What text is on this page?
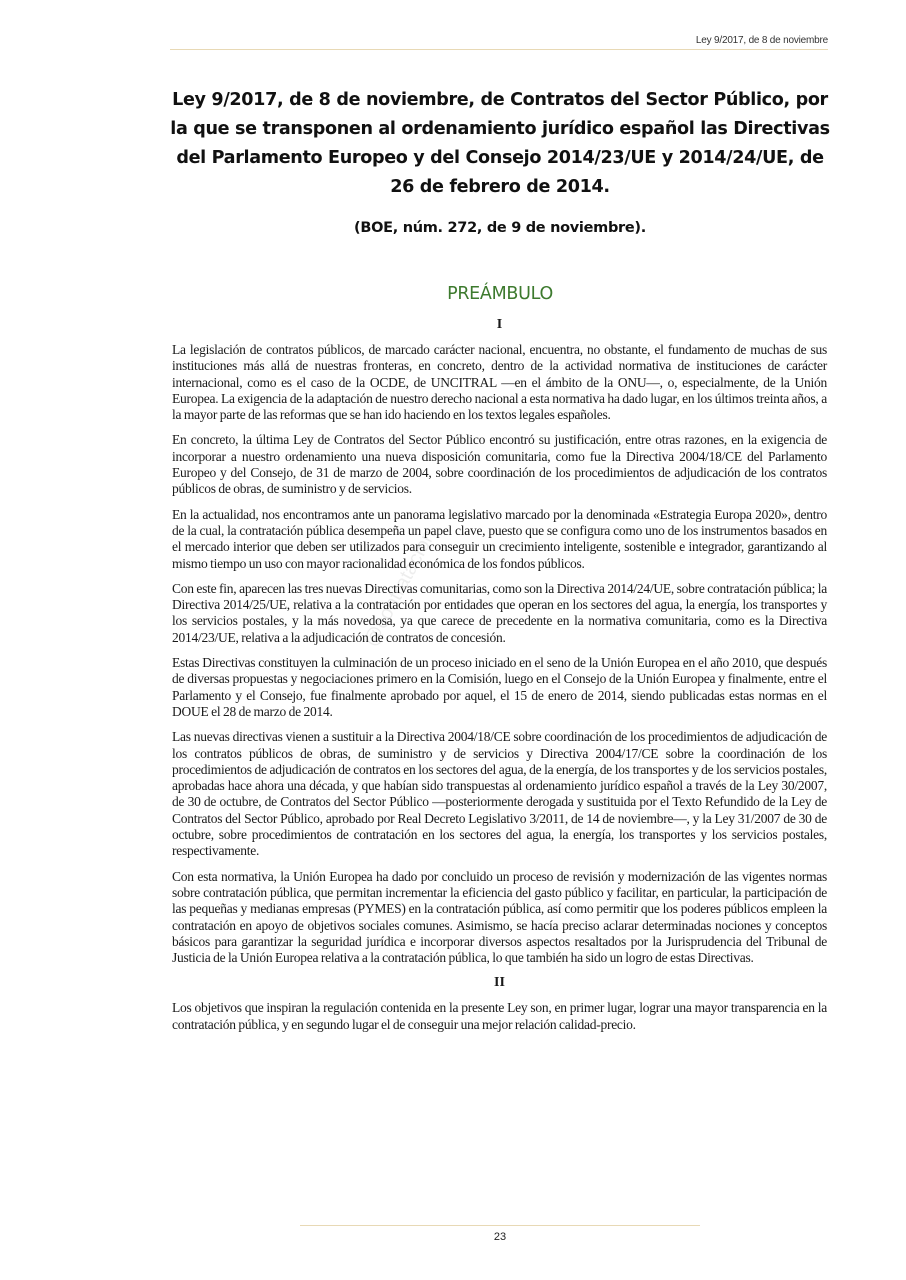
Ley 9/2017, de 8 de noviembre
Ley 9/2017, de 8 de noviembre, de Contratos del Sector Público, por la que se transponen al ordenamiento jurídico español las Directivas del Parlamento Europeo y del Consejo 2014/23/UE y 2014/24/UE, de 26 de febrero de 2014.
(BOE, núm. 272, de 9 de noviembre).
PREÁMBULO
@contratacion
I

La legislación de contratos públicos, de marcado carácter nacional, encuentra, no obstante, el fundamento de muchas de sus instituciones más allá de nuestras fronteras, en concreto, dentro de la actividad normativa de instituciones de carácter internacional, como es el caso de la OCDE, de UNCITRAL —en el ámbito de la ONU—, o, especialmente, de la Unión Europea. La exigencia de la adaptación de nuestro derecho nacional a esta normativa ha dado lugar, en los últimos treinta años, a la mayor parte de las reformas que se han ido haciendo en los textos legales españoles.

En concreto, la última Ley de Contratos del Sector Público encontró su justificación, entre otras razones, en la exigencia de incorporar a nuestro ordenamiento una nueva disposición comunitaria, como fue la Directiva 2004/18/CE del Parlamento Europeo y del Consejo, de 31 de marzo de 2004, sobre coordinación de los procedimientos de adjudicación de los contratos públicos de obras, de suministro y de servicios.

En la actualidad, nos encontramos ante un panorama legislativo marcado por la denominada «Estrategia Europa 2020», dentro de la cual, la contratación pública desempeña un papel clave, puesto que se configura como uno de los instrumentos basados en el mercado interior que deben ser utilizados para conseguir un crecimiento inteligente, sostenible e integrador, garantizando al mismo tiempo un uso con mayor racionalidad económica de los fondos públicos.

Con este fin, aparecen las tres nuevas Directivas comunitarias, como son la Directiva 2014/24/UE, sobre contratación pública; la Directiva 2014/25/UE, relativa a la contratación por entidades que operan en los sectores del agua, la energía, los transportes y los servicios postales, y la más novedosa, ya que carece de precedente en la normativa comunitaria, como es la Directiva 2014/23/UE, relativa a la adjudicación de contratos de concesión.

Estas Directivas constituyen la culminación de un proceso iniciado en el seno de la Unión Europea en el año 2010, que después de diversas propuestas y negociaciones primero en la Comisión, luego en el Consejo de la Unión Europea y finalmente, entre el Parlamento y el Consejo, fue finalmente aprobado por aquel, el 15 de enero de 2014, siendo publicadas estas normas en el DOUE el 28 de marzo de 2014.

Las nuevas directivas vienen a sustituir a la Directiva 2004/18/CE sobre coordinación de los procedimientos de adjudicación de los contratos públicos de obras, de suministro y de servicios y Directiva 2004/17/CE sobre la coordinación de los procedimientos de adjudicación de contratos en los sectores del agua, de la energía, de los transportes y de los servicios postales, aprobadas hace ahora una década, y que habían sido transpuestas al ordenamiento jurídico español a través de la Ley 30/2007, de 30 de octubre, de Contratos del Sector Público —posteriormente derogada y sustituida por el Texto Refundido de la Ley de Contratos del Sector Público, aprobado por Real Decreto Legislativo 3/2011, de 14 de noviembre—, y la Ley 31/2007 de 30 de octubre, sobre procedimientos de contratación en los sectores del agua, la energía, los transportes y los servicios postales, respectivamente.

Con esta normativa, la Unión Europea ha dado por concluido un proceso de revisión y modernización de las vigentes normas sobre contratación pública, que permitan incrementar la eficiencia del gasto público y facilitar, en particular, la participación de las pequeñas y medianas empresas (PYMES) en la contratación pública, así como permitir que los poderes públicos empleen la contratación en apoyo de objetivos sociales comunes. Asimismo, se hacía preciso aclarar determinadas nociones y conceptos básicos para garantizar la seguridad jurídica e incorporar diversos aspectos resaltados por la Jurisprudencia del Tribunal de Justicia de la Unión Europea relativa a la contratación pública, lo que también ha sido un logro de estas Directivas.

II

Los objetivos que inspiran la regulación contenida en la presente Ley son, en primer lugar, lograr una mayor transparencia en la contratación pública, y en segundo lugar el de conseguir una mejor relación calidad-precio.

23
